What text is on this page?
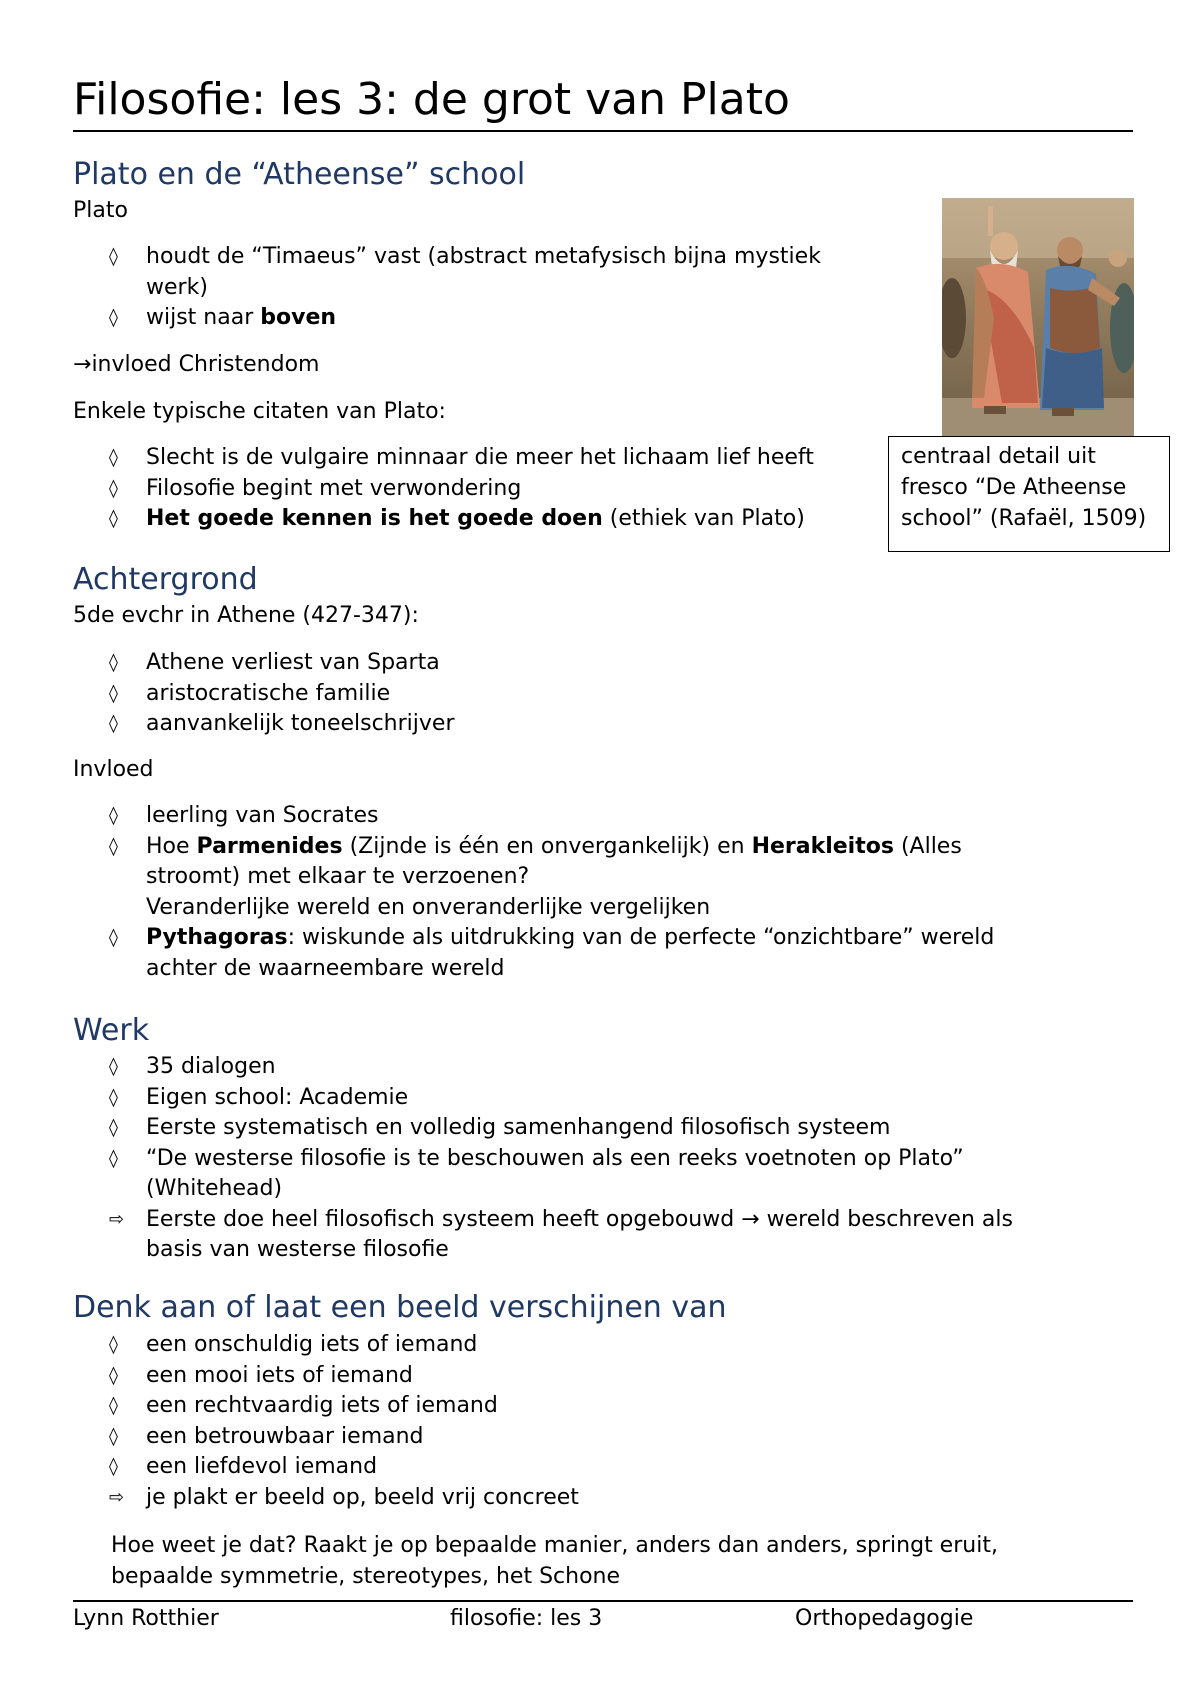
Filosofie: les 3: de grot van Plato
Plato en de “Atheense” school

Plato

◊ houdt de “Timaeus” vast (abstract metafysisch bijna mystiek
werk)
◊ wijst naar boven

→invloed Christendom

Enkele typische citaten van Plato:

◊ Slecht is de vulgaire minnaar die meer het lichaam lief heeft
◊ Filosofie begint met verwondering
◊ Het goede kennen is het goede doen (ethiek van Plato)
centraal detail uit fresco “De Atheense school” (Rafaël, 1509)
Achtergrond

5de evchr in Athene (427-347):

◊ Athene verliest van Sparta
◊ aristocratische familie
◊ aanvankelijk toneelschrijver

Invloed

◊ leerling van Socrates
◊ Hoe Parmenides (Zijnde is één en onvergankelijk) en Herakleitos (Alles
stroomt) met elkaar te verzoenen?
Veranderlijke wereld en onveranderlijke vergelijken
◊ Pythagoras: wiskunde als uitdrukking van de perfecte “onzichtbare” wereld
achter de waarneembare wereld
Werk
◊ 35 dialogen
◊ Eigen school: Academie
◊ Eerste systematisch en volledig samenhangend filosofisch systeem
◊ “De westerse filosofie is te beschouwen als een reeks voetnoten op Plato”
(Whitehead)
⇨ Eerste doe heel filosofisch systeem heeft opgebouwd → wereld beschreven als
basis van westerse filosofie
Denk aan of laat een beeld verschijnen van
◊ een onschuldig iets of iemand
◊ een mooi iets of iemand
◊ een rechtvaardig iets of iemand
◊ een betrouwbaar iemand
◊ een liefdevol iemand
⇨ je plakt er beeld op, beeld vrij concreet

Hoe weet je dat? Raakt je op bepaalde manier, anders dan anders, springt eruit,
bepaalde symmetrie, stereotypes, het Schone

Lynn Rotthier	filosofie: les 3	Orthopedagogie
